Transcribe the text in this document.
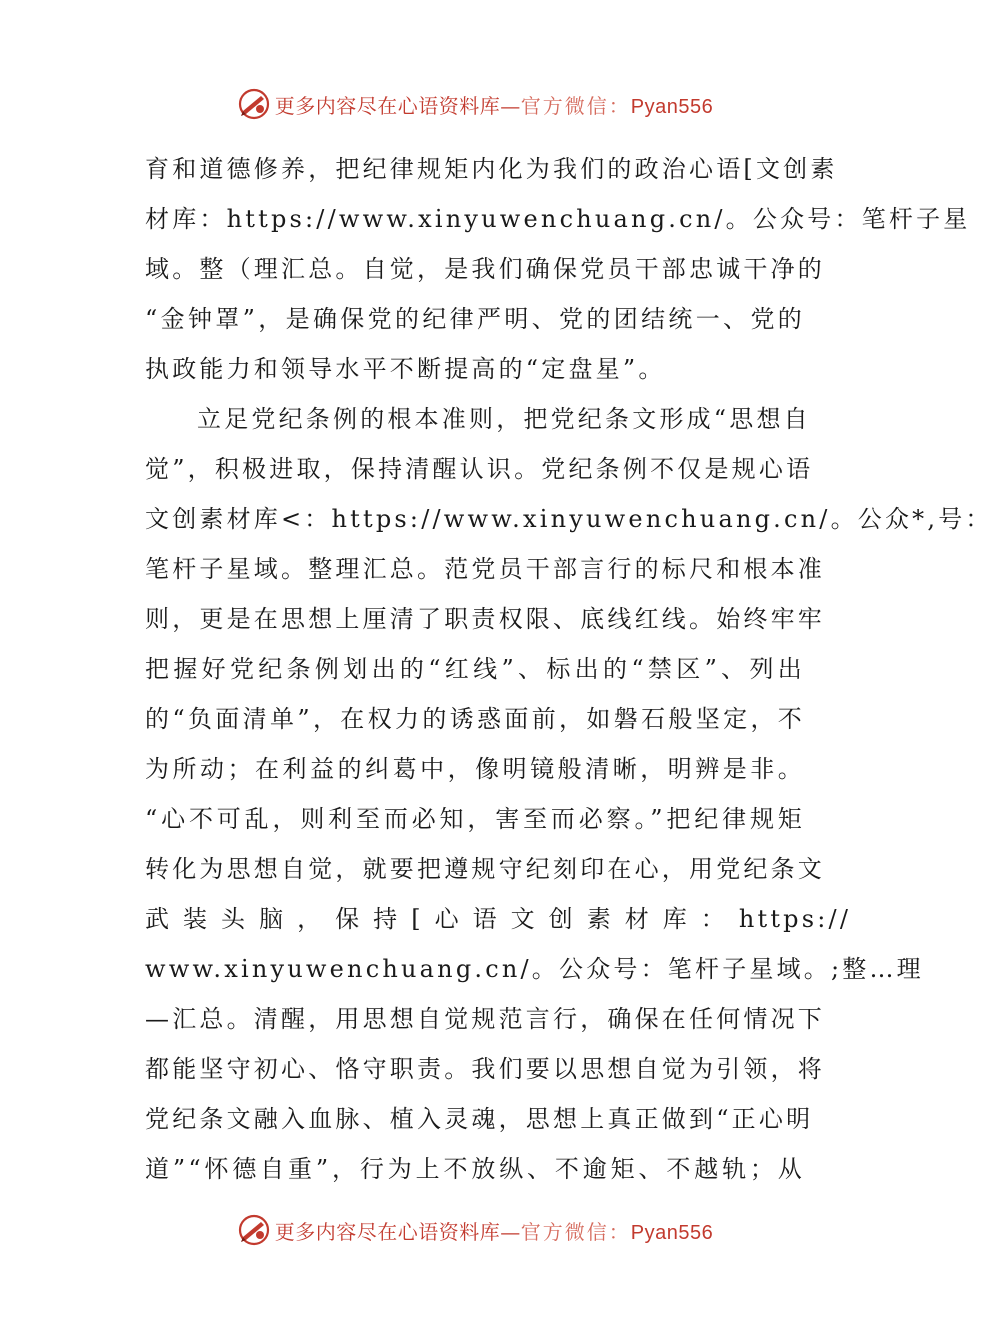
更多内容尽在心语资料库—官方微信：Pyan556
育和道德修养，把纪律规矩内化为我们的政治心语[文创素
材库：https://www.xinyuwenchuang.cn/。公众号：笔杆子星
域。整（理汇总。自觉，是我们确保党员干部忠诚干净的
“金钟罩”，是确保党的纪律严明、党的团结统一、党的
执政能力和领导水平不断提高的“定盘星”。
立足党纪条例的根本准则，把党纪条文形成“思想自
觉”，积极进取，保持清醒认识。党纪条例不仅是规心语
文创素材库<：https://www.xinyuwenchuang.cn/。公众*,号：
笔杆子星域。整理汇总。范党员干部言行的标尺和根本准
则，更是在思想上厘清了职责权限、底线红线。始终牢牢
把握好党纪条例划出的“红线”、标出的“禁区”、列出
的“负面清单”，在权力的诱惑面前，如磐石般坚定，不
为所动；在利益的纠葛中，像明镜般清晰，明辨是非。
“心不可乱，则利至而必知，害至而必察。”把纪律规矩
转化为思想自觉，就要把遵规守纪刻印在心，用党纪条文
武 装 头 脑 ， 保 持 [ 心 语 文 创 素 材 库 ： https://
www.xinyuwenchuang.cn/。公众号：笔杆子星域。;整…理
—汇总。清醒，用思想自觉规范言行，确保在任何情况下
都能坚守初心、恪守职责。我们要以思想自觉为引领，将
党纪条文融入血脉、植入灵魂，思想上真正做到“正心明
道”“怀德自重”，行为上不放纵、不逾矩、不越轨；从
更多内容尽在心语资料库—官方微信：Pyan556
